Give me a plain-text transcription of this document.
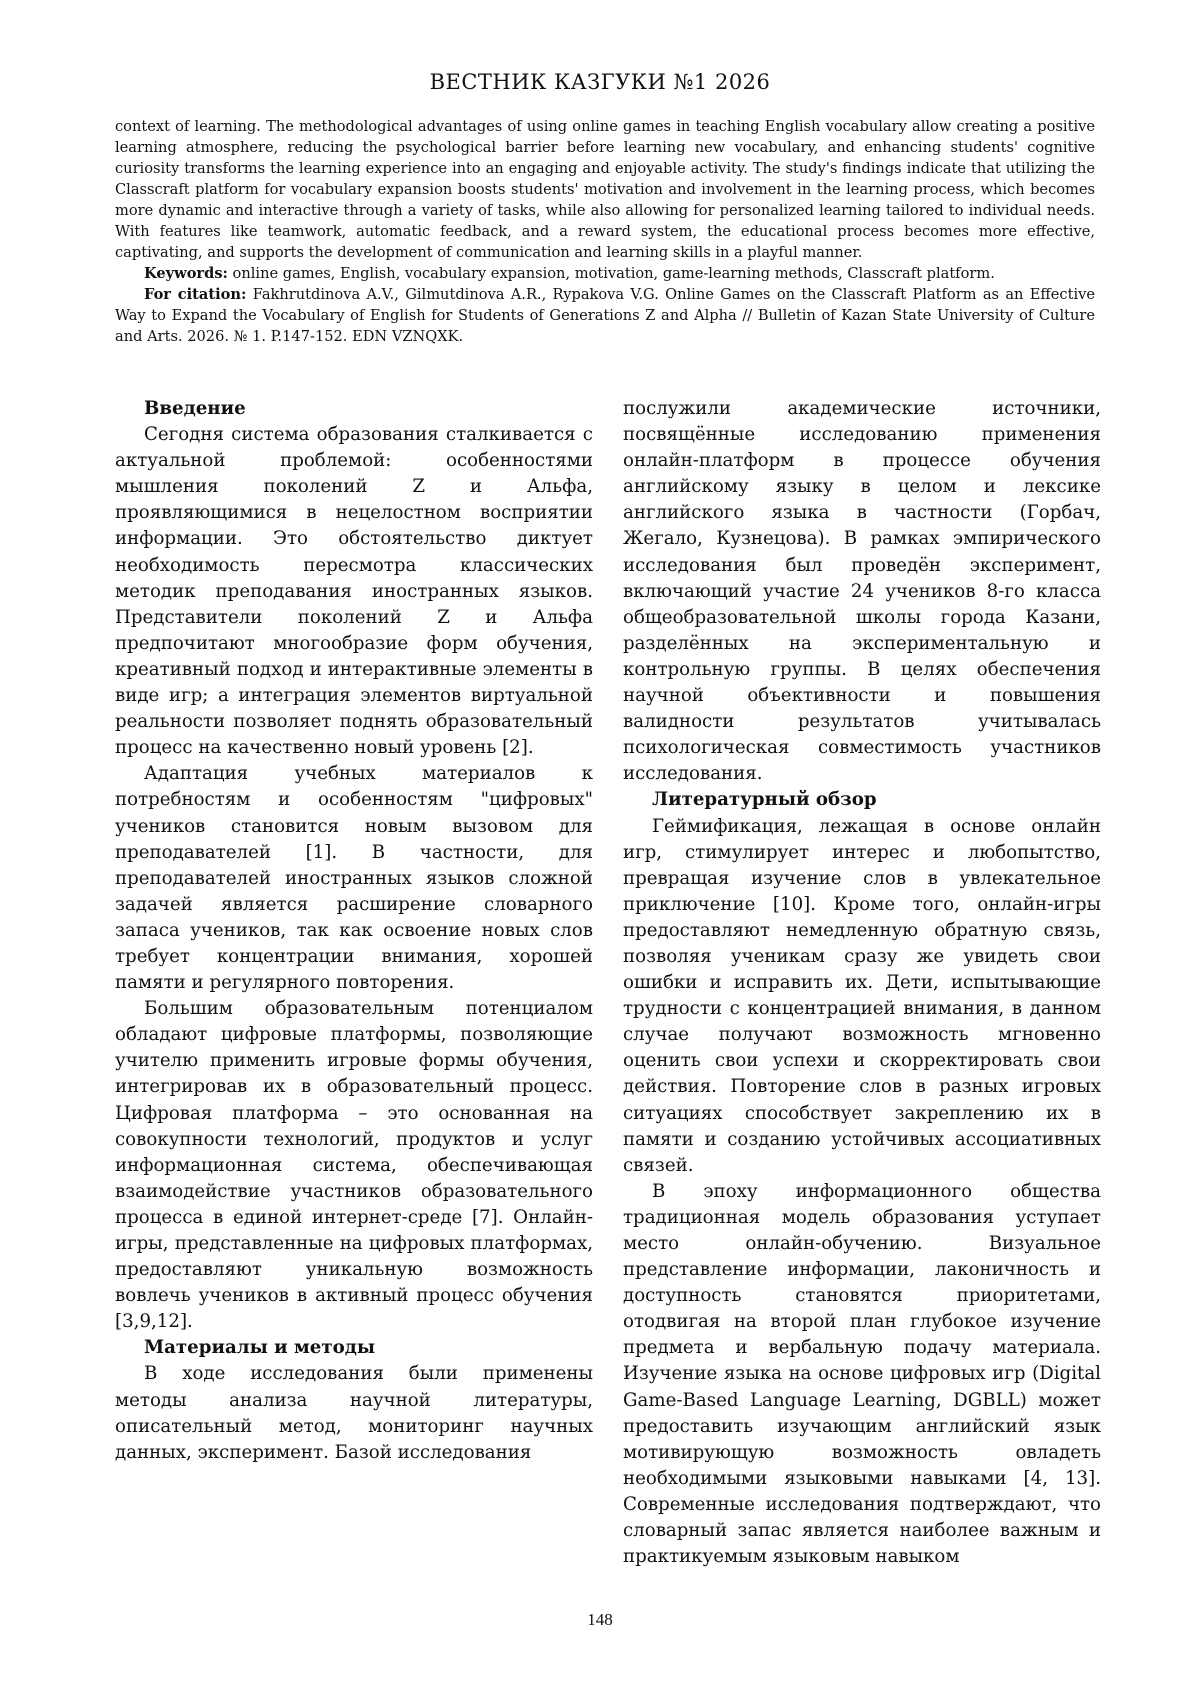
ВЕСТНИК КАЗГУКИ №1 2026

context of learning. The methodological advantages of using online games in teaching English vocabulary allow creating a positive learning atmosphere, reducing the psychological barrier before learning new vocabulary, and enhancing students' cognitive curiosity transforms the learning experience into an engaging and enjoyable activity. The study's findings indicate that utilizing the Classcraft platform for vocabulary expansion boosts students' motivation and involvement in the learning process, which becomes more dynamic and interactive through a variety of tasks, while also allowing for personalized learning tailored to individual needs. With features like teamwork, automatic feedback, and a reward system, the educational process becomes more effective, captivating, and supports the development of communication and learning skills in a playful manner.

Keywords: online games, English, vocabulary expansion, motivation, game-learning methods, Classcraft platform.

For citation: Fakhrutdinova A.V., Gilmutdinova A.R., Rypakova V.G. Online Games on the Classcraft Platform as an Effective Way to Expand the Vocabulary of English for Students of Generations Z and Alpha // Bulletin of Kazan State University of Culture and Arts. 2026. № 1. P.147-152. EDN VZNQXK.

Введение

Сегодня система образования сталкивается с актуальной проблемой: особенностями мышления поколений Z и Альфа, проявляющимися в нецелостном восприятии информации. Это обстоятельство диктует необходимость пересмотра классических методик преподавания иностранных языков. Представители поколений Z и Альфа предпочитают многообразие форм обучения, креативный подход и интерактивные элементы в виде игр; а интеграция элементов виртуальной реальности позволяет поднять образовательный процесс на качественно новый уровень [2].

Адаптация учебных материалов к потребностям и особенностям "цифровых" учеников становится новым вызовом для преподавателей [1]. В частности, для преподавателей иностранных языков сложной задачей является расширение словарного запаса учеников, так как освоение новых слов требует концентрации внимания, хорошей памяти и регулярного повторения.

Большим образовательным потенциалом обладают цифровые платформы, позволяющие учителю применить игровые формы обучения, интегрировав их в образовательный процесс. Цифровая платформа – это основанная на совокупности технологий, продуктов и услуг информационная система, обеспечивающая взаимодействие участников образовательного процесса в единой интернет-среде [7]. Онлайн-игры, представленные на цифровых платформах, предоставляют уникальную возможность вовлечь учеников в активный процесс обучения [3,9,12].

Материалы и методы

В ходе исследования были применены методы анализа научной литературы, описательный метод, мониторинг научных данных, эксперимент. Базой исследования

послужили академические источники, посвящённые исследованию применения онлайн-платформ в процессе обучения английскому языку в целом и лексике английского языка в частности (Горбач, Жегало, Кузнецова). В рамках эмпирического исследования был проведён эксперимент, включающий участие 24 учеников 8-го класса общеобразовательной школы города Казани, разделённых на экспериментальную и контрольную группы. В целях обеспечения научной объективности и повышения валидности результатов учитывалась психологическая совместимость участников исследования.

Литературный обзор

Геймификация, лежащая в основе онлайн игр, стимулирует интерес и любопытство, превращая изучение слов в увлекательное приключение [10]. Кроме того, онлайн-игры предоставляют немедленную обратную связь, позволяя ученикам сразу же увидеть свои ошибки и исправить их. Дети, испытывающие трудности с концентрацией внимания, в данном случае получают возможность мгновенно оценить свои успехи и скорректировать свои действия. Повторение слов в разных игровых ситуациях способствует закреплению их в памяти и созданию устойчивых ассоциативных связей.

В эпоху информационного общества традиционная модель образования уступает место онлайн-обучению. Визуальное представление информации, лаконичность и доступность становятся приоритетами, отодвигая на второй план глубокое изучение предмета и вербальную подачу материала. Изучение языка на основе цифровых игр (Digital Game-Based Language Learning, DGBLL) может предоставить изучающим английский язык мотивирующую возможность овладеть необходимыми языковыми навыками [4, 13]. Современные исследования подтверждают, что словарный запас является наиболее важным и практикуемым языковым навыком

148
